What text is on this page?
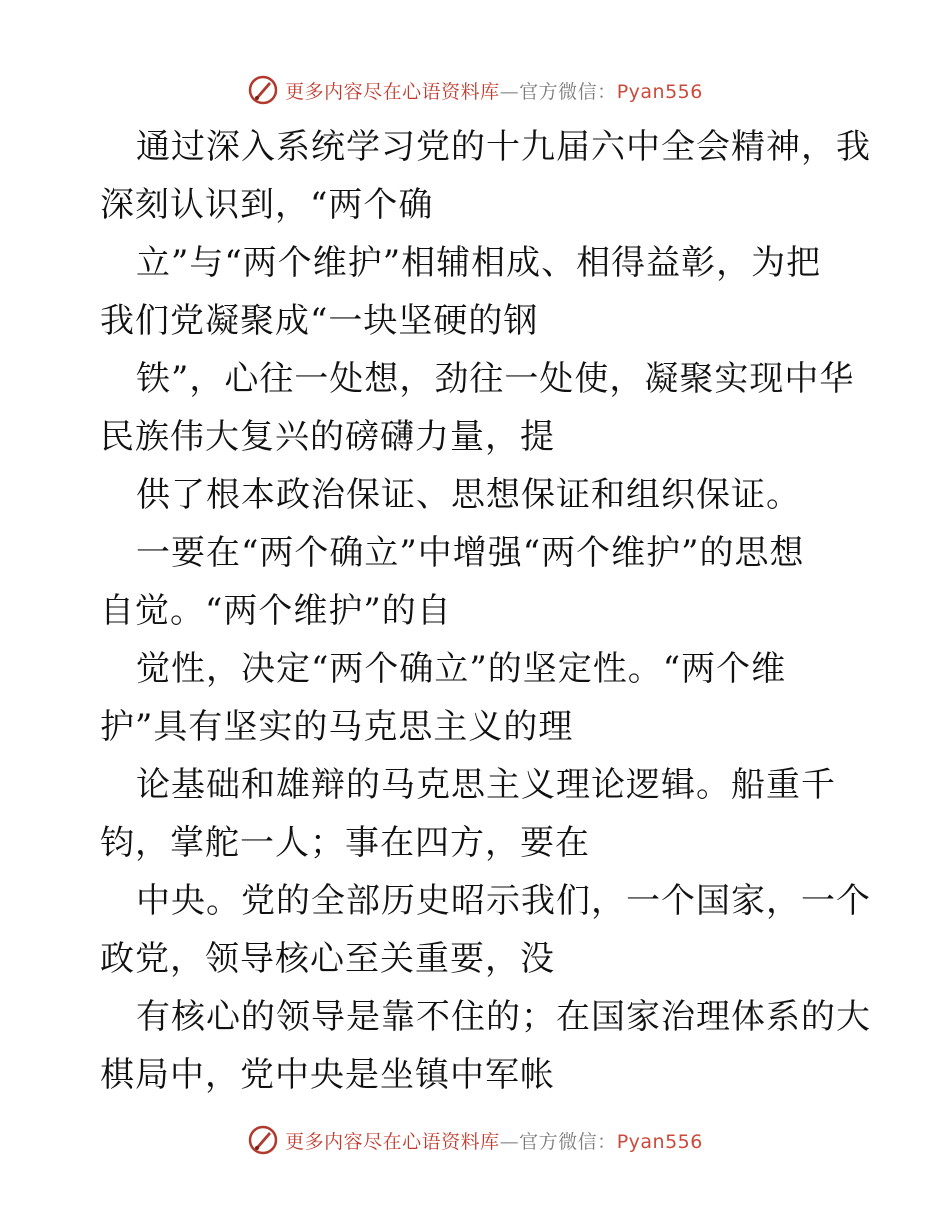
更多内容尽在心语资料库—官方微信：Pyan556

通过深入系统学习党的十九届六中全会精神，我
深刻认识到，“两个确

立”与“两个维护”相辅相成、相得益彰，为把
我们党凝聚成“一块坚硬的钢

铁”，心往一处想，劲往一处使，凝聚实现中华
民族伟大复兴的磅礴力量，提

供了根本政治保证、思想保证和组织保证。

一要在“两个确立”中增强“两个维护”的思想
自觉。“两个维护”的自

觉性，决定“两个确立”的坚定性。“两个维
护”具有坚实的马克思主义的理

论基础和雄辩的马克思主义理论逻辑。船重千
钧，掌舵一人；事在四方，要在

中央。党的全部历史昭示我们，一个国家，一个
政党，领导核心至关重要，没

有核心的领导是靠不住的；在国家治理体系的大
棋局中，党中央是坐镇中军帐

更多内容尽在心语资料库—官方微信：Pyan556
